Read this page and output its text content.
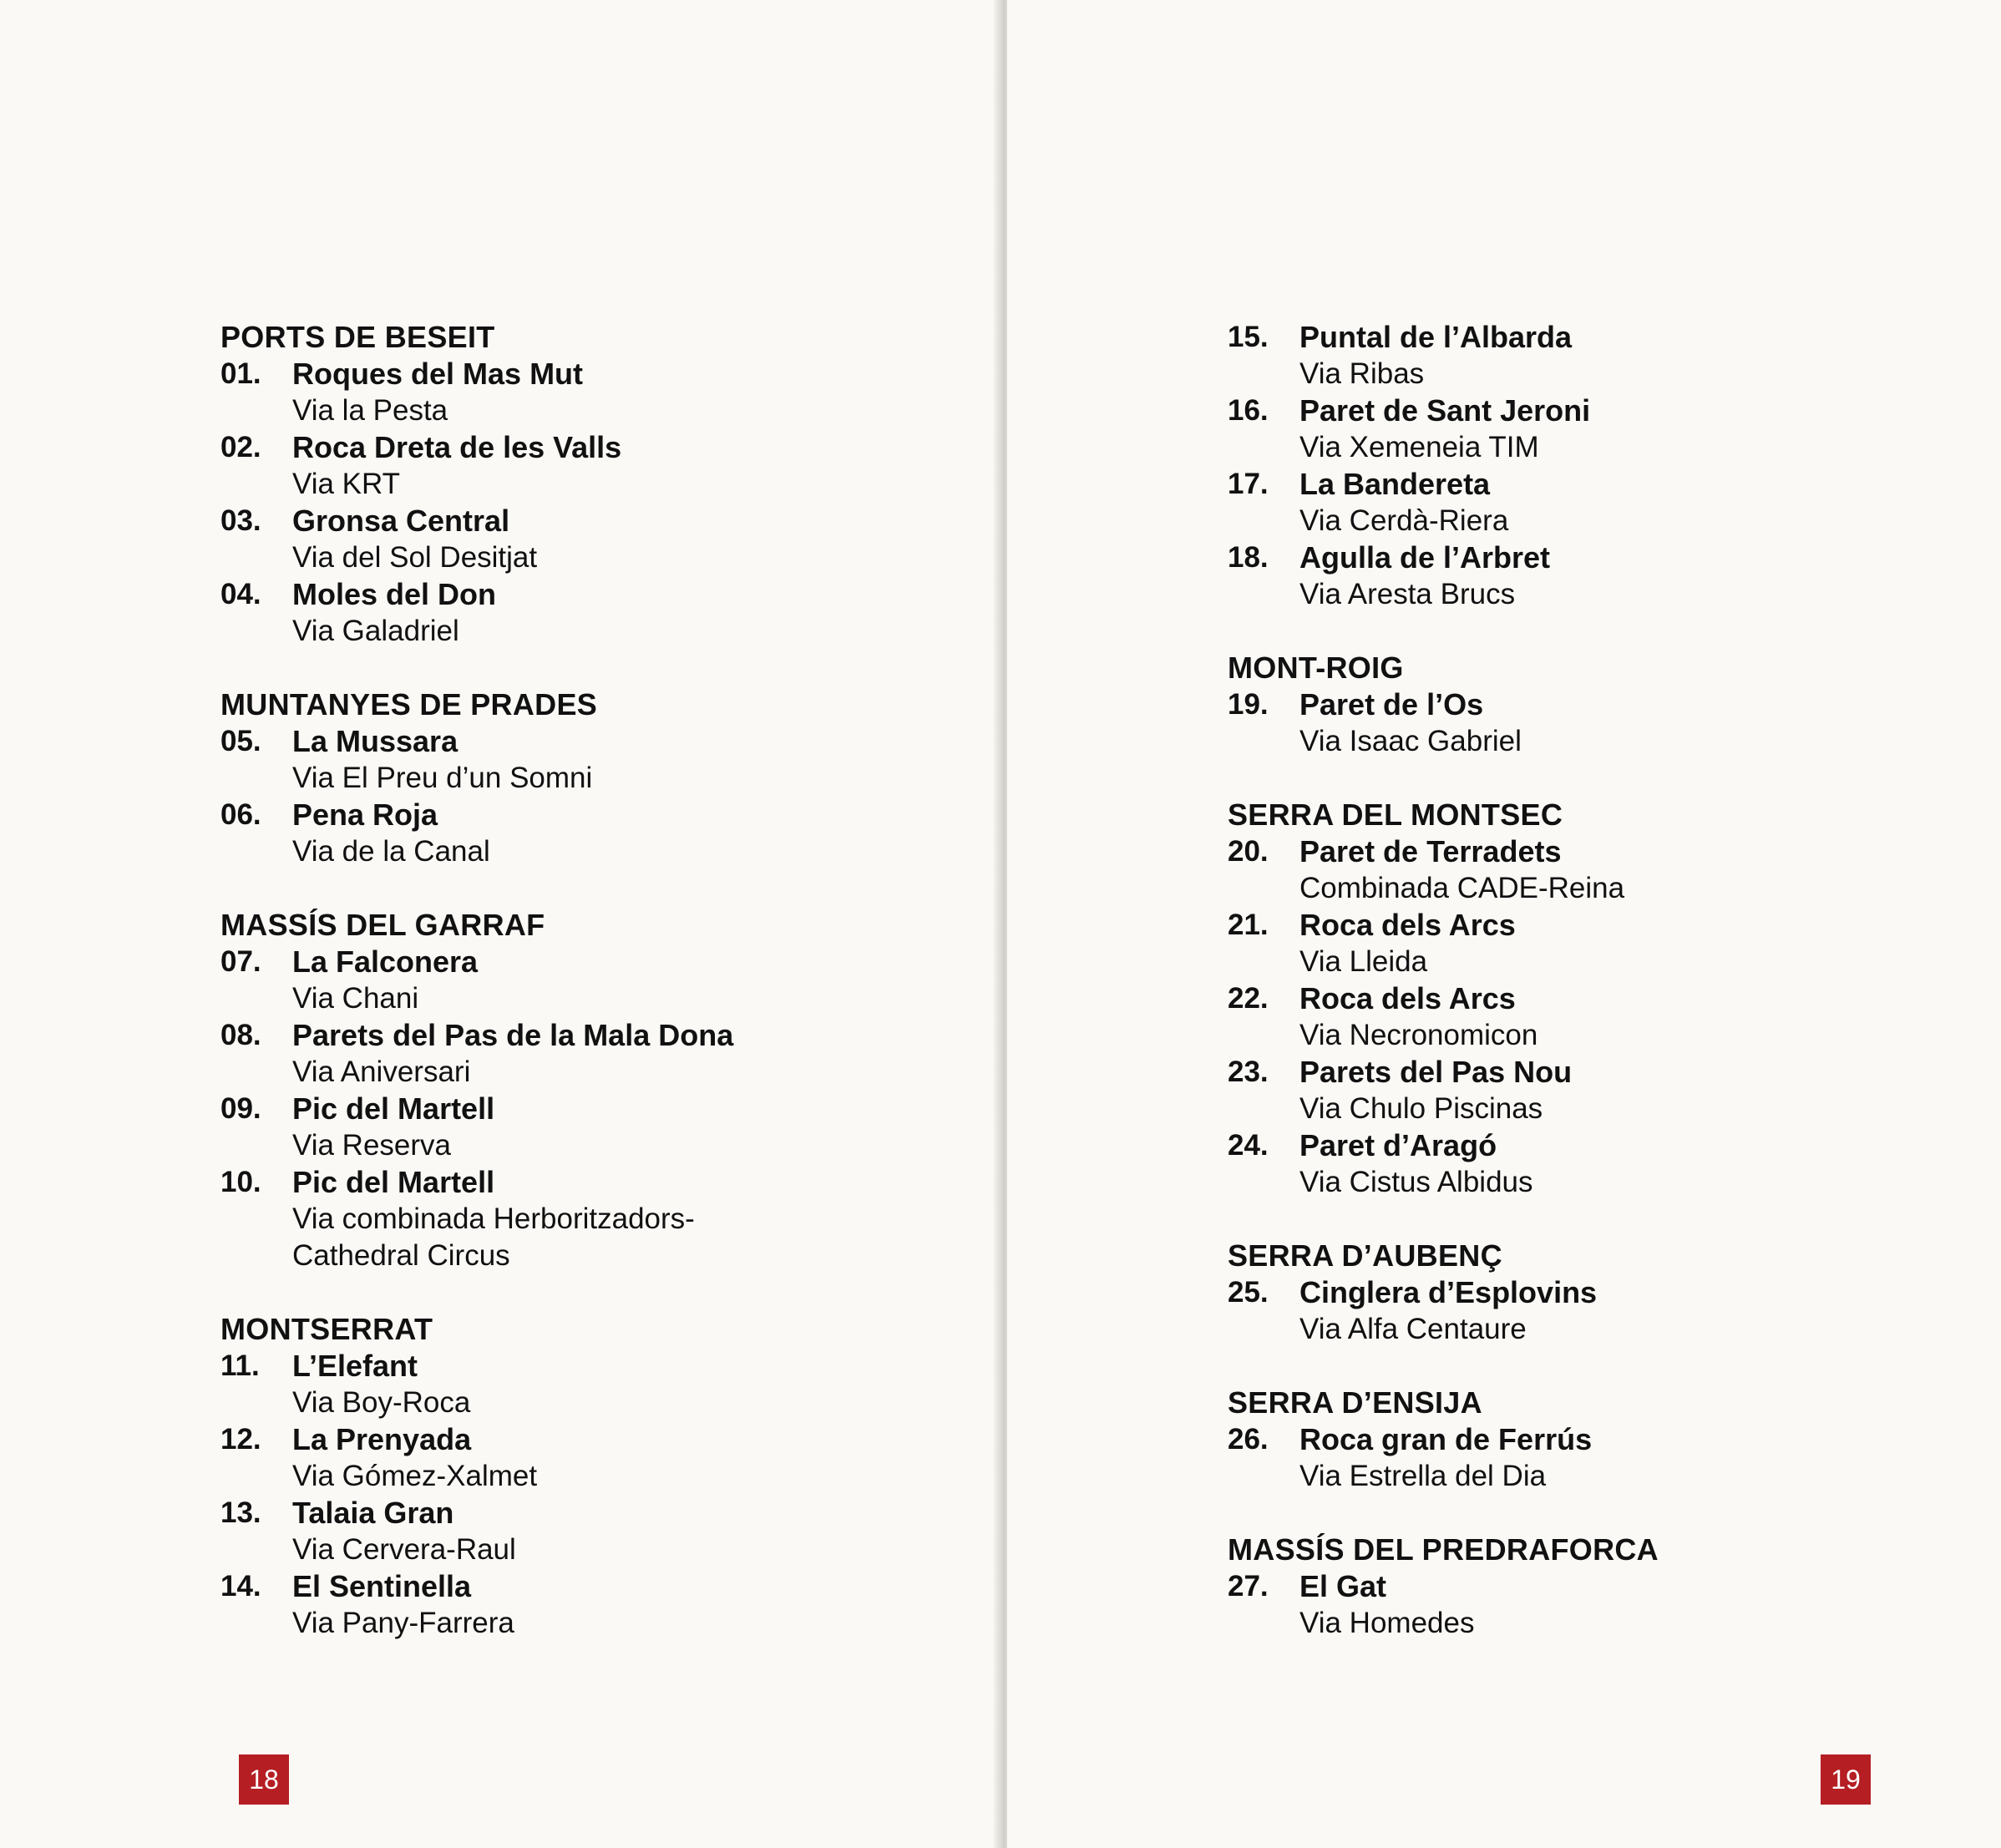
PORTS DE BESEIT
01.	Roques del Mas Mut
Via la Pesta
02.	Roca Dreta de les Valls
Via KRT
03.	Gronsa Central
Via del Sol Desitjat
04.	Moles del Don
Via Galadriel
MUNTANYES DE PRADES
05.	La Mussara
Via El Preu d’un Somni
06.	Pena Roja
Via de la Canal
MASSÍS DEL GARRAF
07.	La Falconera
Via Chani
08.	Parets del Pas de la Mala Dona
Via Aniversari
09.	Pic del Martell
Via Reserva
10.	Pic del Martell
Via combinada Herboritzadors-
Cathedral Circus
MONTSERRAT
11.	L’Elefant
Via Boy-Roca
12.	La Prenyada
Via Gómez-Xalmet
13.	Talaia Gran
Via Cervera-Raul
14.	El Sentinella
Via Pany-Farrera
18	19
15.	Puntal de l’Albarda
Via Ribas
16.	Paret de Sant Jeroni
Via Xemeneia TIM
17.	La Bandereta
Via Cerdà-Riera
18.	Agulla de l’Arbret
Via Aresta Brucs
MONT-ROIG
19.	Paret de l’Os
Via Isaac Gabriel
SERRA DEL MONTSEC
20.	Paret de Terradets
Combinada CADE-Reina
21.	Roca dels Arcs
Via Lleida
22.	Roca dels Arcs
Via Necronomicon
23.	Parets del Pas Nou
Via Chulo Piscinas
24.	Paret d’Aragó
Via Cistus Albidus
SERRA D’AUBENÇ
25.	Cinglera d’Esplovins
Via Alfa Centaure
SERRA D’ENSIJA
26.	Roca gran de Ferrús
Via Estrella del Dia
MASSÍS DEL PREDRAFORCA
27.	El Gat
Via Homedes
